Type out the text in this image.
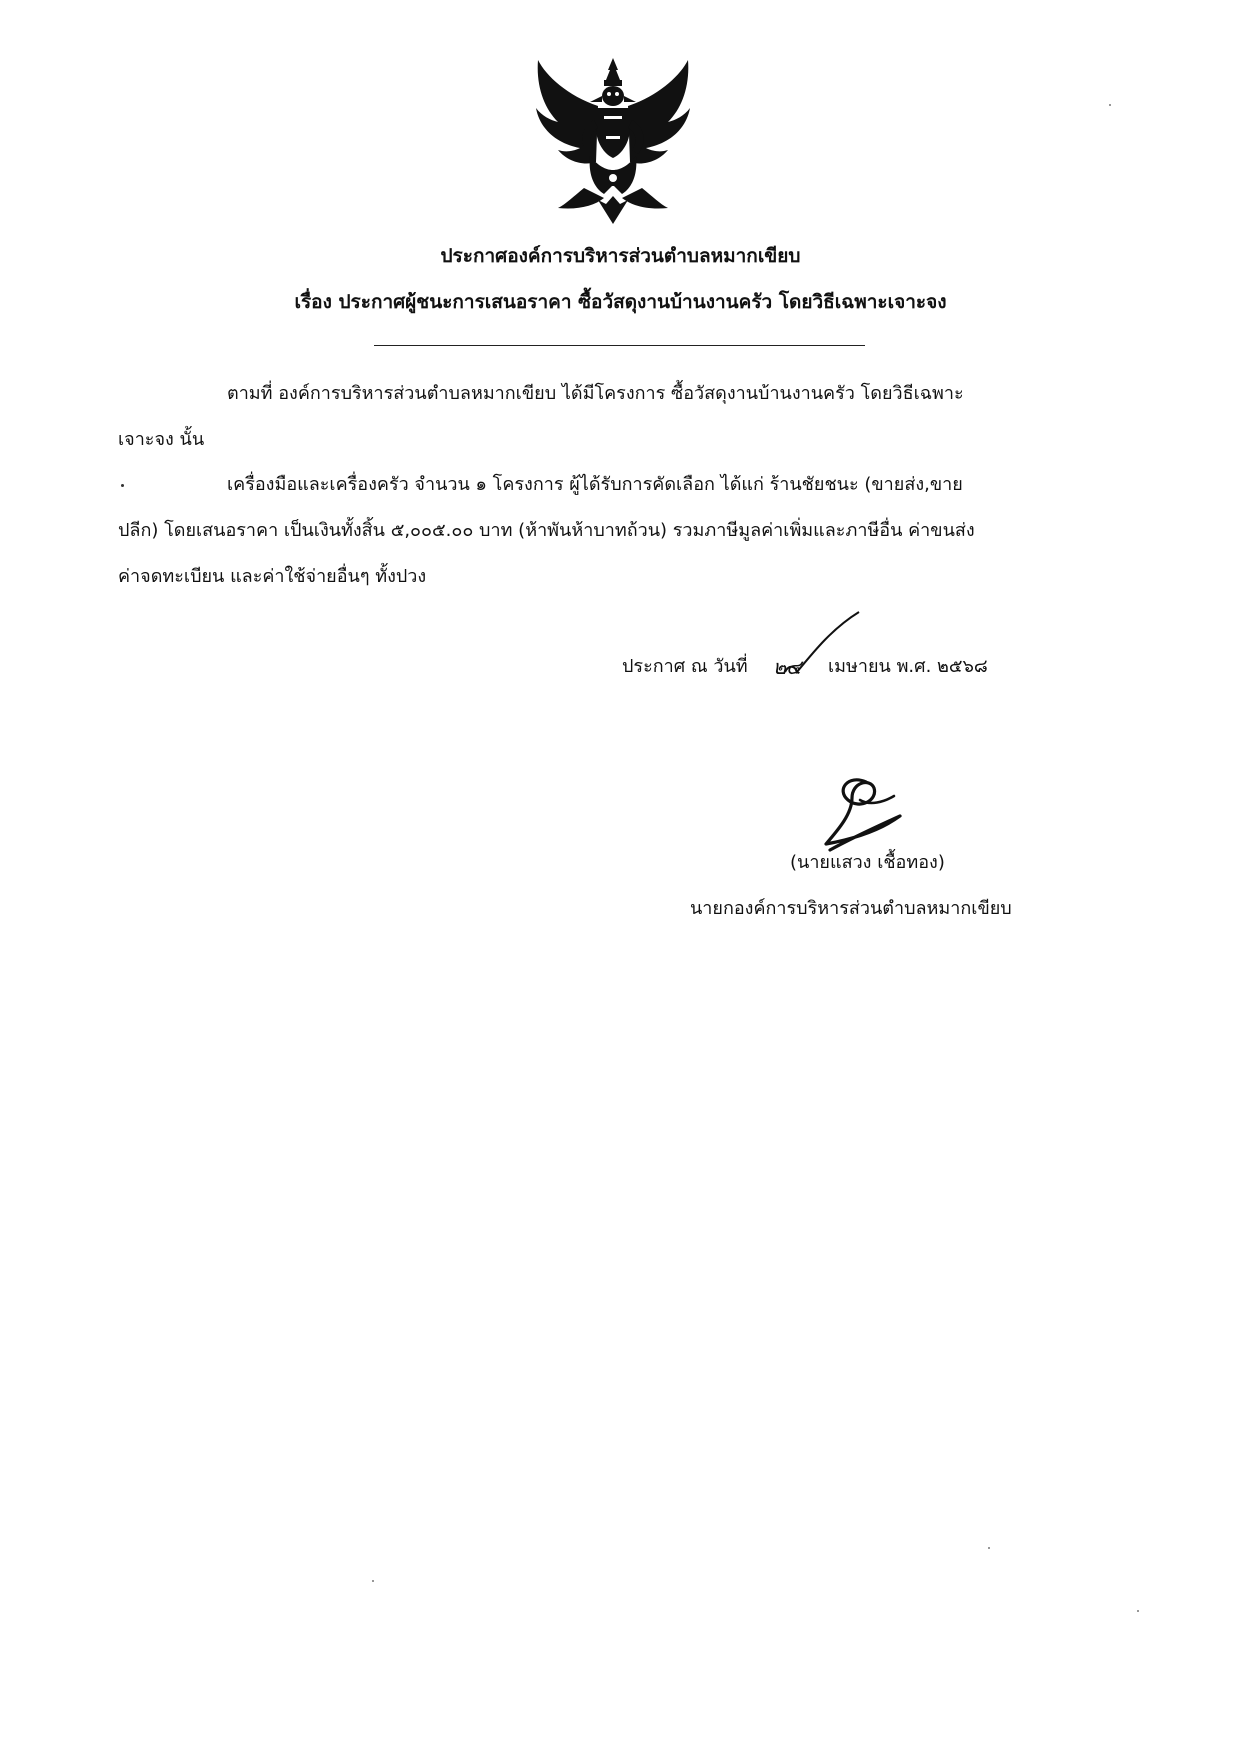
ประกาศองค์การบริหารส่วนตำบลหมากเขียบ
เรื่อง ประกาศผู้ชนะการเสนอราคา ซื้อวัสดุงานบ้านงานครัว โดยวิธีเฉพาะเจาะจง
ตามที่ องค์การบริหารส่วนตำบลหมากเขียบ ได้มีโครงการ ซื้อวัสดุงานบ้านงานครัว โดยวิธีเฉพาะ
เจาะจง นั้น
เครื่องมือและเครื่องครัว จำนวน ๑ โครงการ ผู้ได้รับการคัดเลือก ได้แก่ ร้านชัยชนะ (ขายส่ง,ขาย
ปลีก) โดยเสนอราคา เป็นเงินทั้งสิ้น ๕,๐๐๕.๐๐ บาท (ห้าพันห้าบาทถ้วน) รวมภาษีมูลค่าเพิ่มและภาษีอื่น ค่าขนส่ง
ค่าจดทะเบียน และค่าใช้จ่ายอื่นๆ ทั้งปวง
ประกาศ ณ วันที่ ๒๔ เมษายน พ.ศ. ๒๕๖๘
(นายแสวง เชื้อทอง)
นายกองค์การบริหารส่วนตำบลหมากเขียบ
